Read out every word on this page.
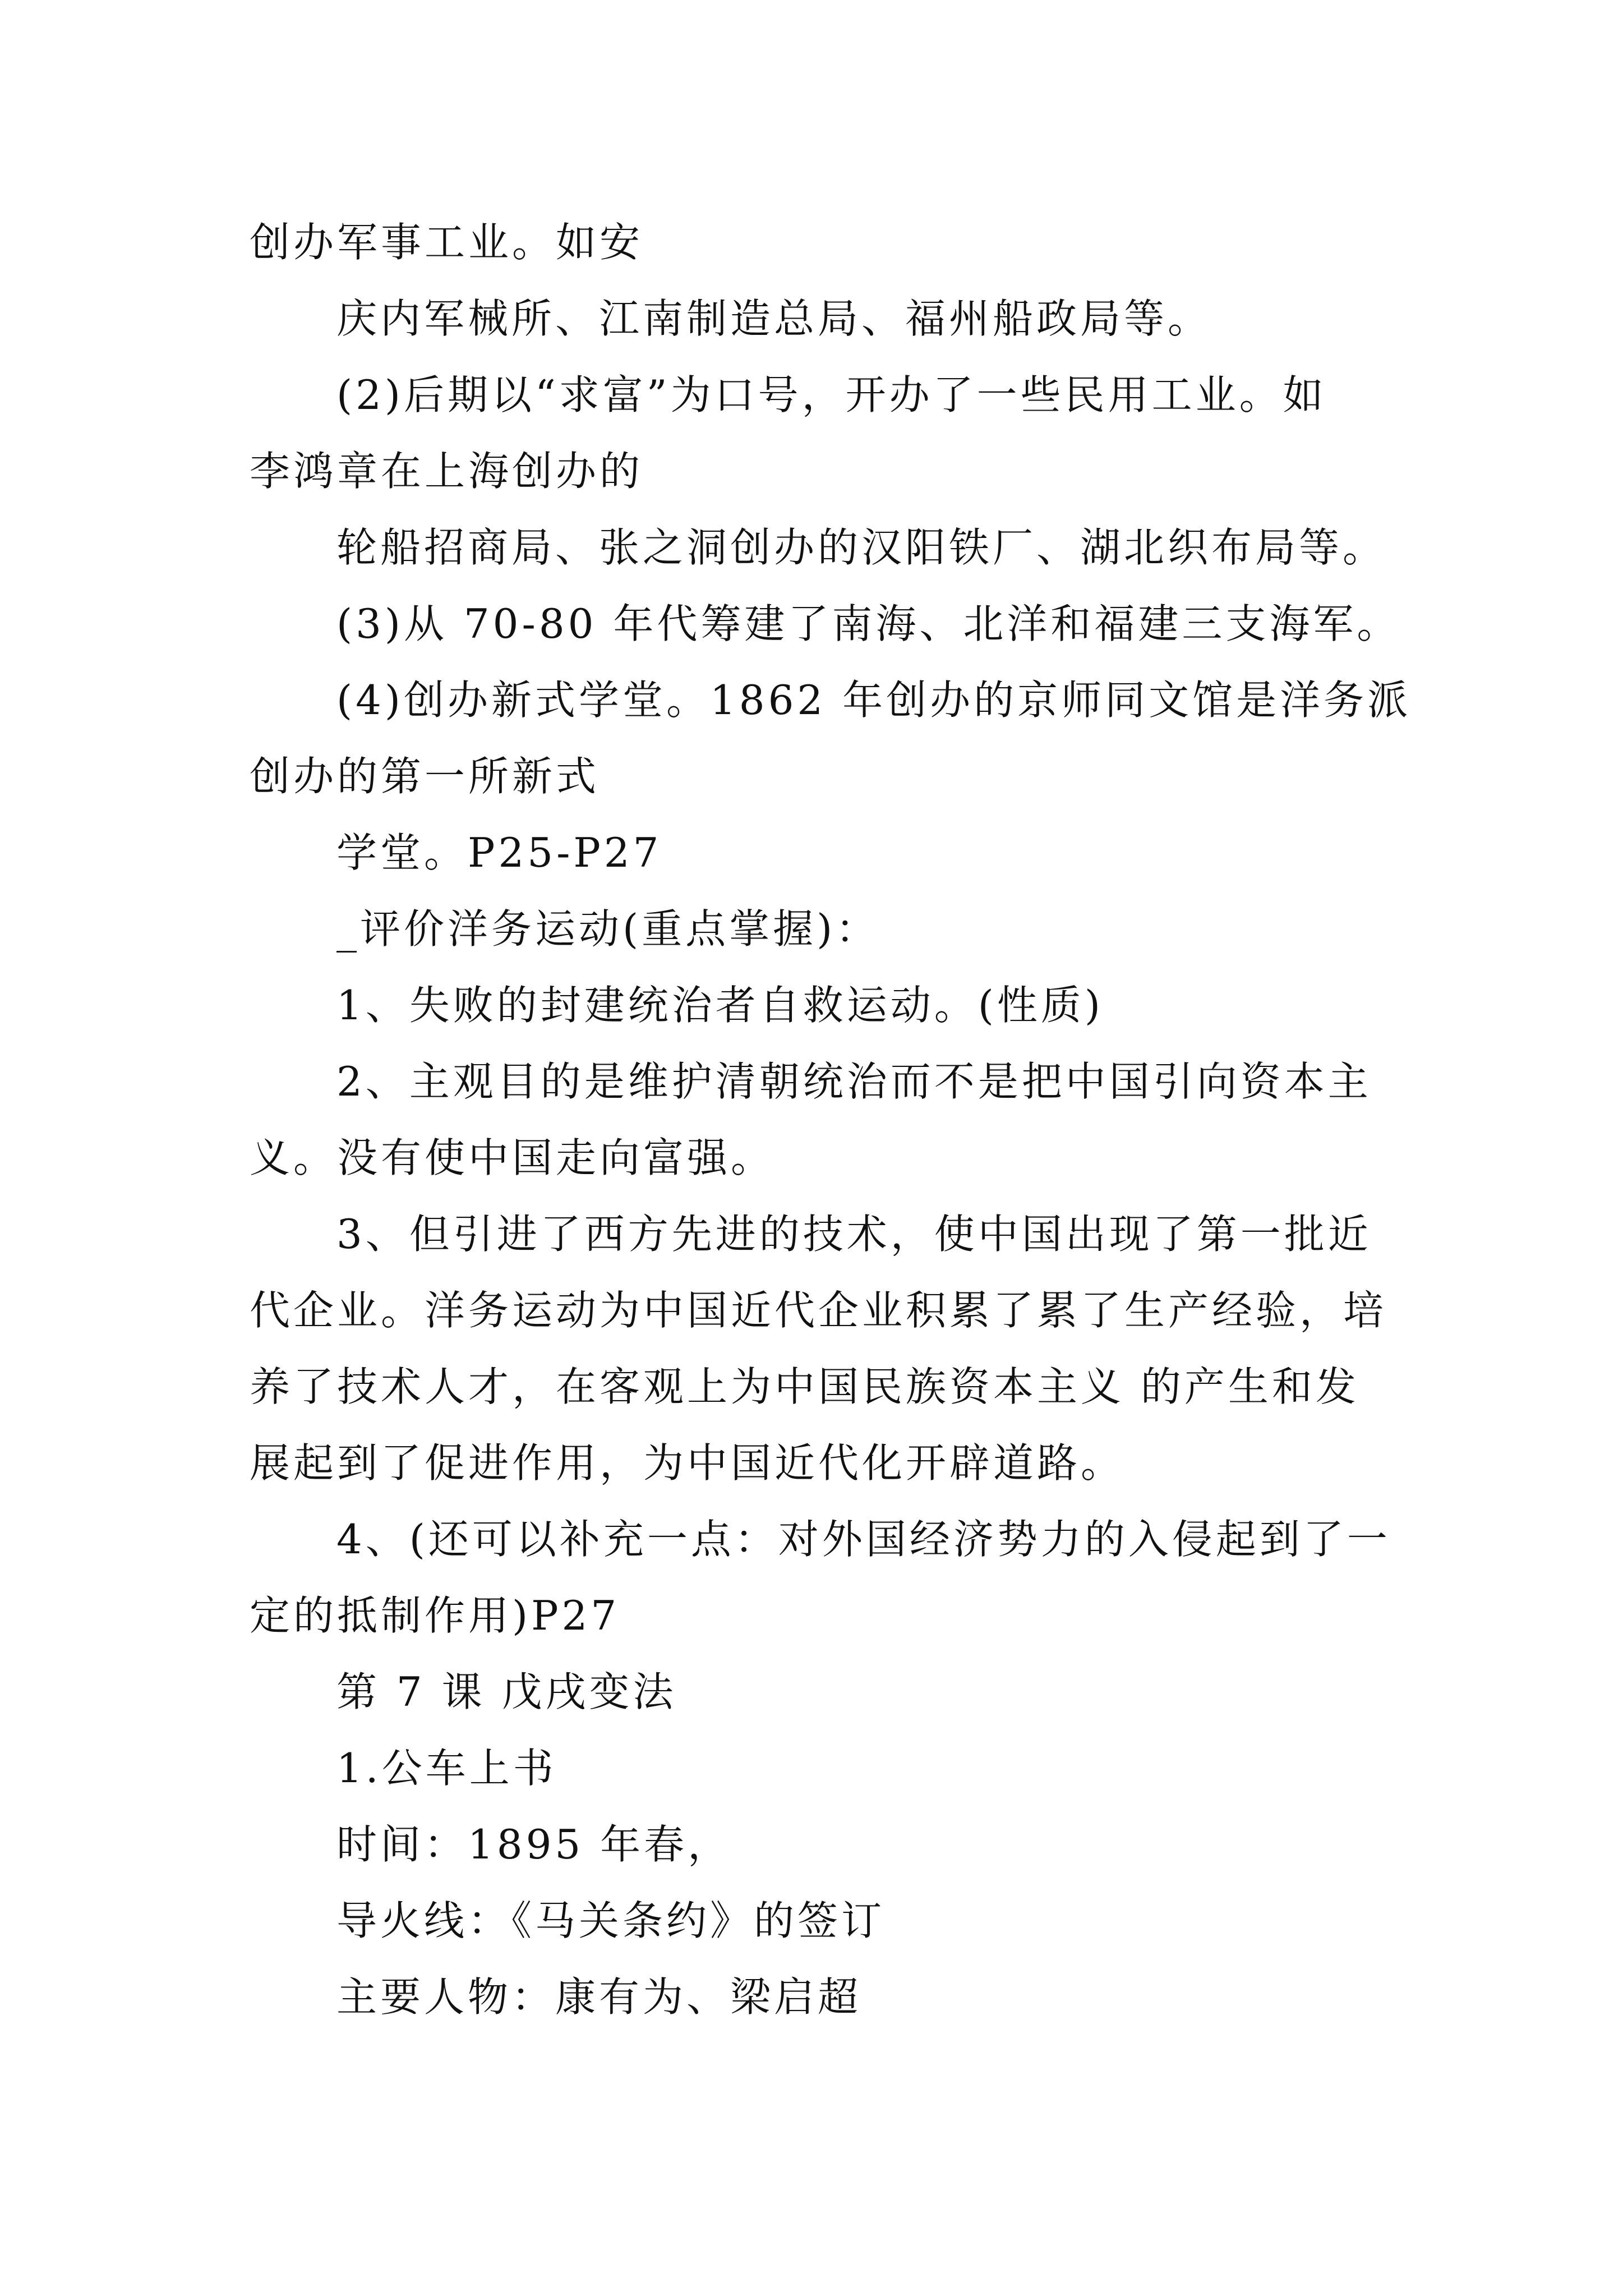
创办军事工业。如安
庆内军械所、江南制造总局、福州船政局等。
(2)后期以“求富”为口号，开办了一些民用工业。如
李鸿章在上海创办的
轮船招商局、张之洞创办的汉阳铁厂、湖北织布局等。
(3)从 70-80 年代筹建了南海、北洋和福建三支海军。
(4)创办新式学堂。1862 年创办的京师同文馆是洋务派
创办的第一所新式
学堂。P25-P27
_评价洋务运动(重点掌握)：
1、失败的封建统治者自救运动。(性质)
2、主观目的是维护清朝统治而不是把中国引向资本主
义。没有使中国走向富强。
3、但引进了西方先进的技术，使中国出现了第一批近
代企业。洋务运动为中国近代企业积累了累了生产经验，培
养了技术人才，在客观上为中国民族资本主义 的产生和发
展起到了促进作用，为中国近代化开辟道路。
4、(还可以补充一点：对外国经济势力的入侵起到了一
定的抵制作用)P27
第 7 课 戊戌变法
1.公车上书
时间：1895 年春，
导火线：《马关条约》的签订
主要人物：康有为、梁启超
